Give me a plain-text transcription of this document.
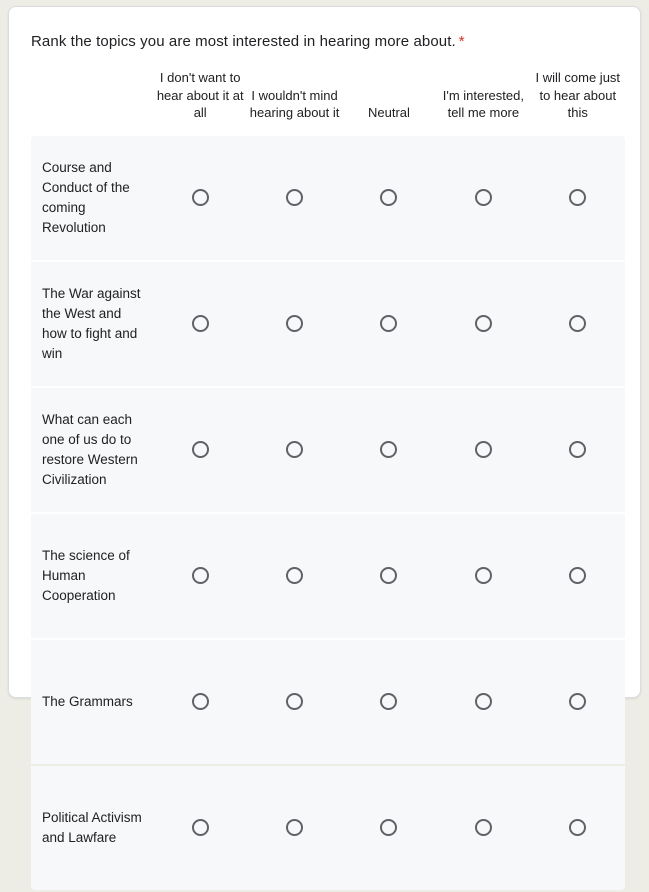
Rank the topics you are most interested in hearing more about. *
	I don't want to hear about it at all	I wouldn't mind hearing about it	Neutral	I'm interested, tell me more	I will come just to hear about this
Course and Conduct of the coming Revolution					
The War against the West and how to fight and win					
What can each one of us do to restore Western Civilization					
The science of Human Cooperation					
The Grammars					
Political Activism and Lawfare					
